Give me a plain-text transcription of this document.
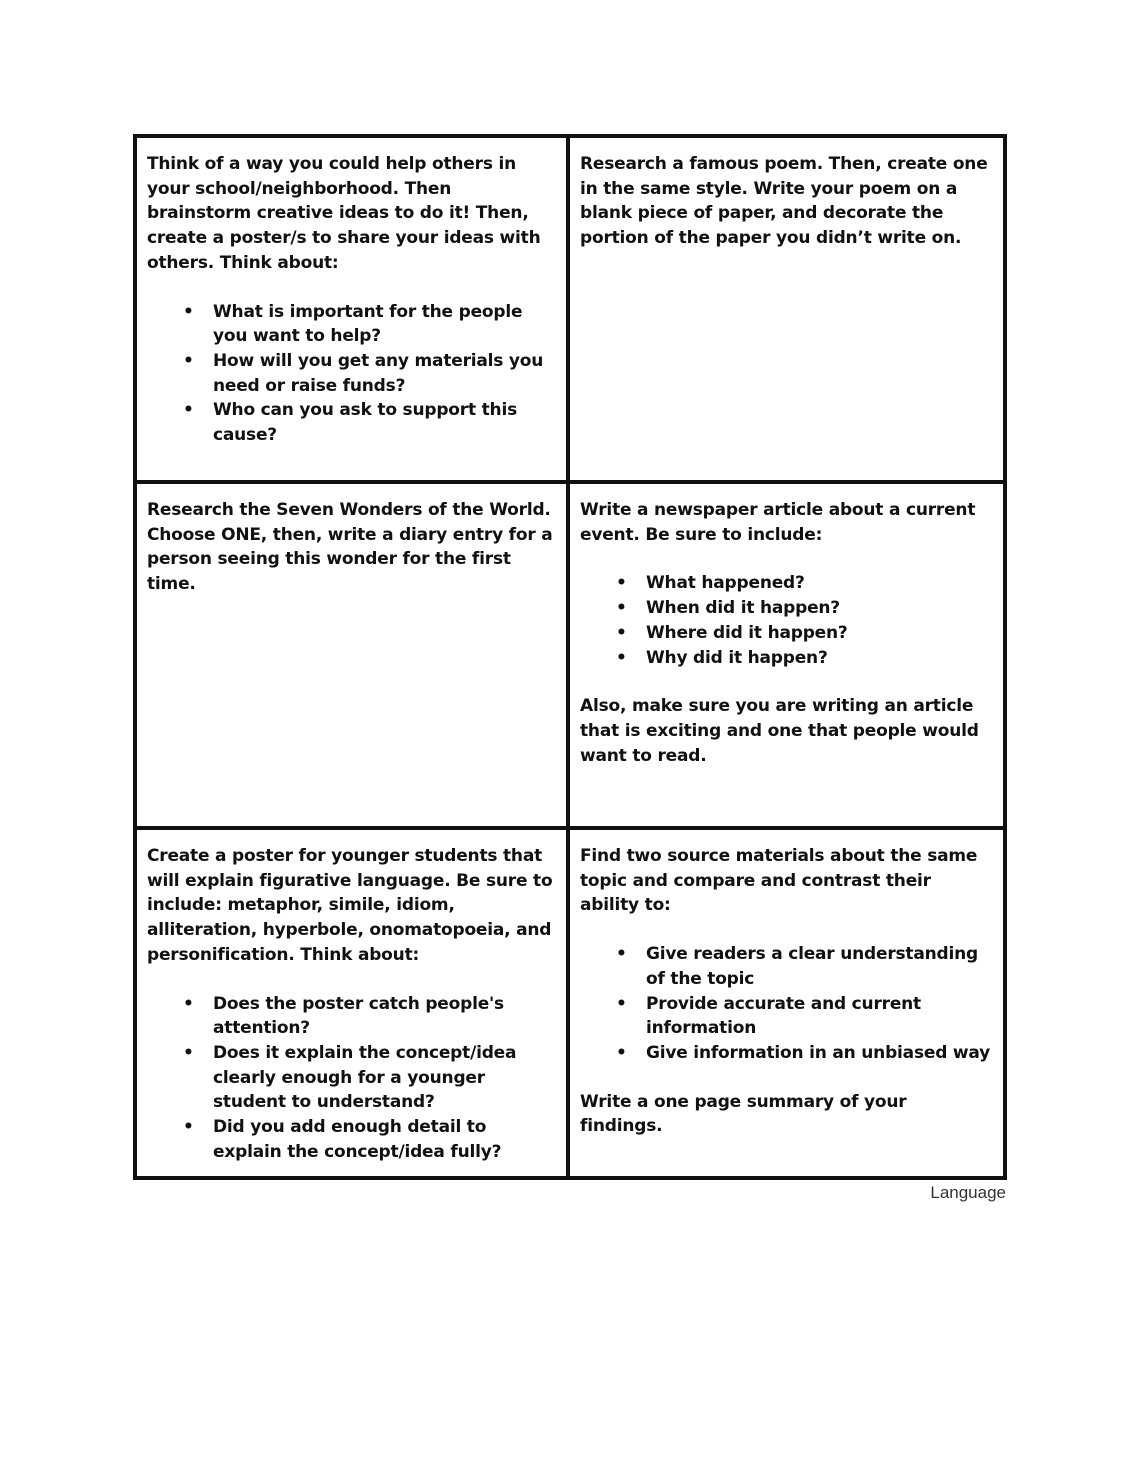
Think of a way you could help others in your school/neighborhood. Then brainstorm creative ideas to do it! Then, create a poster/s to share your ideas with others. Think about:

• What is important for the people you want to help?
• How will you get any materials you need or raise funds?
• Who can you ask to support this cause?

Research a famous poem. Then, create one in the same style. Write your poem on a blank piece of paper, and decorate the portion of the paper you didn’t write on.

Research the Seven Wonders of the World. Choose ONE, then, write a diary entry for a person seeing this wonder for the first time.

Write a newspaper article about a current event. Be sure to include:

• What happened?
• When did it happen?
• Where did it happen?
• Why did it happen?

Also, make sure you are writing an article that is exciting and one that people would want to read.

Create a poster for younger students that will explain figurative language. Be sure to include: metaphor, simile, idiom, alliteration, hyperbole, onomatopoeia, and personification. Think about:

• Does the poster catch people's attention?
• Does it explain the concept/idea clearly enough for a younger student to understand?
• Did you add enough detail to explain the concept/idea fully?

Find two source materials about the same topic and compare and contrast their ability to:

• Give readers a clear understanding of the topic
• Provide accurate and current information
• Give information in an unbiased way

Write a one page summary of your findings.

Language
